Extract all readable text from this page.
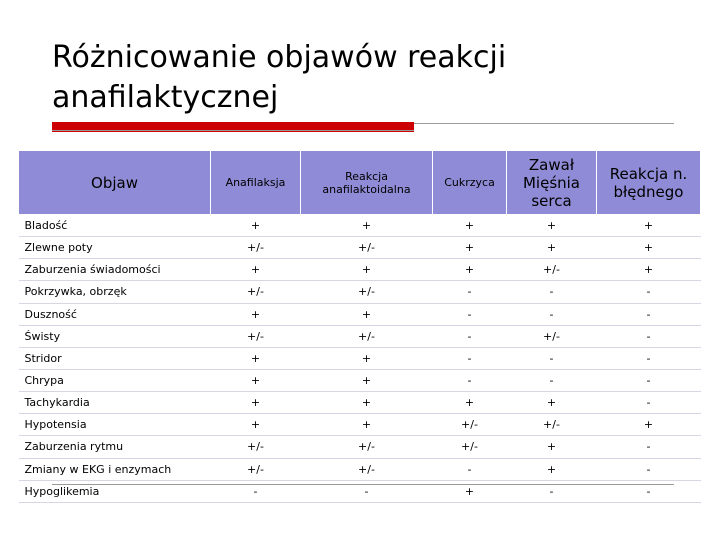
Różnicowanie objawów reakcji anafilaktycznej
Objaw	Anafilaksja	Reakcja anafilaktoidalna	Cukrzyca	Zawał Mięśnia serca	Reakcja n. błędnego
Bladość	+	+	+	+	+
Zlewne poty	+/-	+/-	+	+	+
Zaburzenia świadomości	+	+	+	+/-	+
Pokrzywka, obrzęk	+/-	+/-	-	-	-
Duszność	+	+	-	-	-
Świsty	+/-	+/-	-	+/-	-
Stridor	+	+	-	-	-
Chrypa	+	+	-	-	-
Tachykardia	+	+	+	+	-
Hypotensia	+	+	+/-	+/-	+
Zaburzenia rytmu	+/-	+/-	+/-	+	-
Zmiany w EKG i enzymach	+/-	+/-	-	+	-
Hypoglikemia	-	-	+	-	-
